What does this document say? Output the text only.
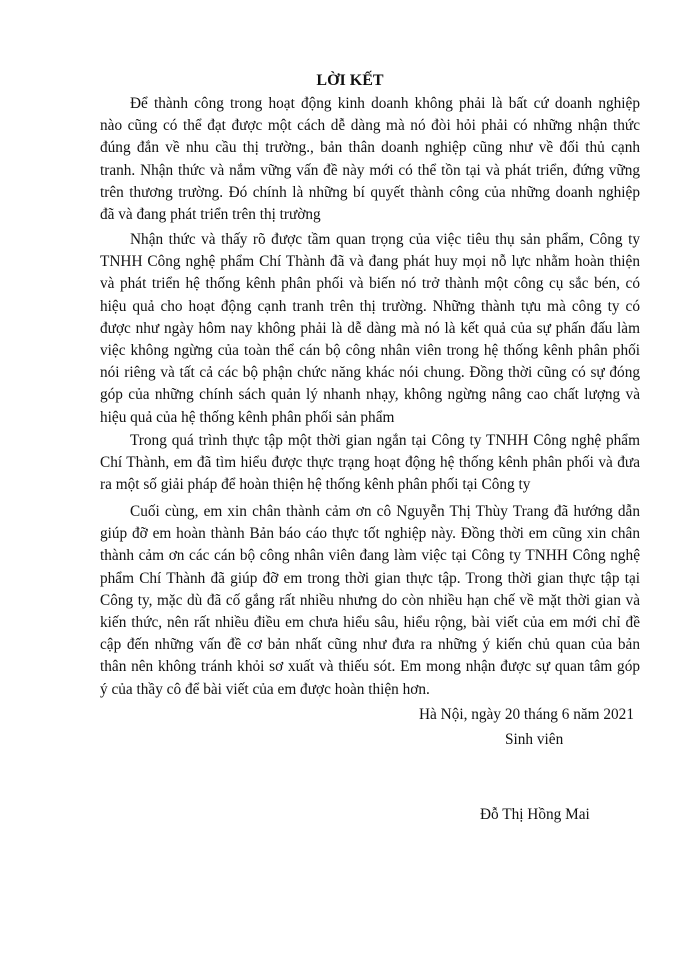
LỜI KẾT
Để thành công trong hoạt động kinh doanh không phải là bất cứ doanh nghiệp
nào cũng có thể đạt được một cách dễ dàng mà nó đòi hỏi phải có những nhận thức
đúng đắn về nhu cầu thị trường., bản thân doanh nghiệp cũng như về đối thủ cạnh
tranh. Nhận thức và nắm vững vấn đề này mới có thể tồn tại và phát triển, đứng vững
trên thương trường. Đó chính là những bí quyết thành công của những doanh nghiệp
đã và đang phát triển trên thị trường
Nhận thức và thấy rõ được tầm quan trọng của việc tiêu thụ sản phẩm, Công ty
TNHH Công nghệ phẩm Chí Thành đã và đang phát huy mọi nỗ lực nhằm hoàn thiện
và phát triển hệ thống kênh phân phối và biến nó trở thành một công cụ sắc bén, có
hiệu quả cho hoạt động cạnh tranh trên thị trường. Những thành tựu mà công ty có
được như ngày hôm nay không phải là dễ dàng mà nó là kết quả của sự phấn đấu làm
việc không ngừng của toàn thể cán bộ công nhân viên trong hệ thống kênh phân phối
nói riêng và tất cả các bộ phận chức năng khác nói chung. Đồng thời cũng có sự đóng
góp của những chính sách quản lý nhanh nhạy, không ngừng nâng cao chất lượng và
hiệu quả của hệ thống kênh phân phối sản phẩm
Trong quá trình thực tập một thời gian ngắn tại Công ty TNHH Công nghệ phẩm
Chí Thành, em đã tìm hiểu được thực trạng hoạt động hệ thống kênh phân phối và đưa
ra một số giải pháp để hoàn thiện hệ thống kênh phân phối tại Công ty
Cuối cùng, em xin chân thành cảm ơn cô Nguyễn Thị Thùy Trang đã hướng dẫn
giúp đỡ em hoàn thành Bản báo cáo thực tốt nghiệp này. Đồng thời em cũng xin chân
thành cảm ơn các cán bộ công nhân viên đang làm việc tại Công ty TNHH Công nghệ
phẩm Chí Thành đã giúp đỡ em trong thời gian thực tập. Trong thời gian thực tập tại
Công ty, mặc dù đã cố gắng rất nhiều nhưng do còn nhiều hạn chế về mặt thời gian và
kiến thức, nên rất nhiều điều em chưa hiểu sâu, hiểu rộng, bài viết của em mới chỉ đề
cập đến những vấn đề cơ bản nhất cũng như đưa ra những ý kiến chủ quan của bản
thân nên không tránh khỏi sơ xuất và thiếu sót. Em mong nhận được sự quan tâm góp
ý của thầy cô để bài viết của em được hoàn thiện hơn.
Hà Nội, ngày 20 tháng 6 năm 2021
Sinh viên
Đỗ Thị Hồng Mai
